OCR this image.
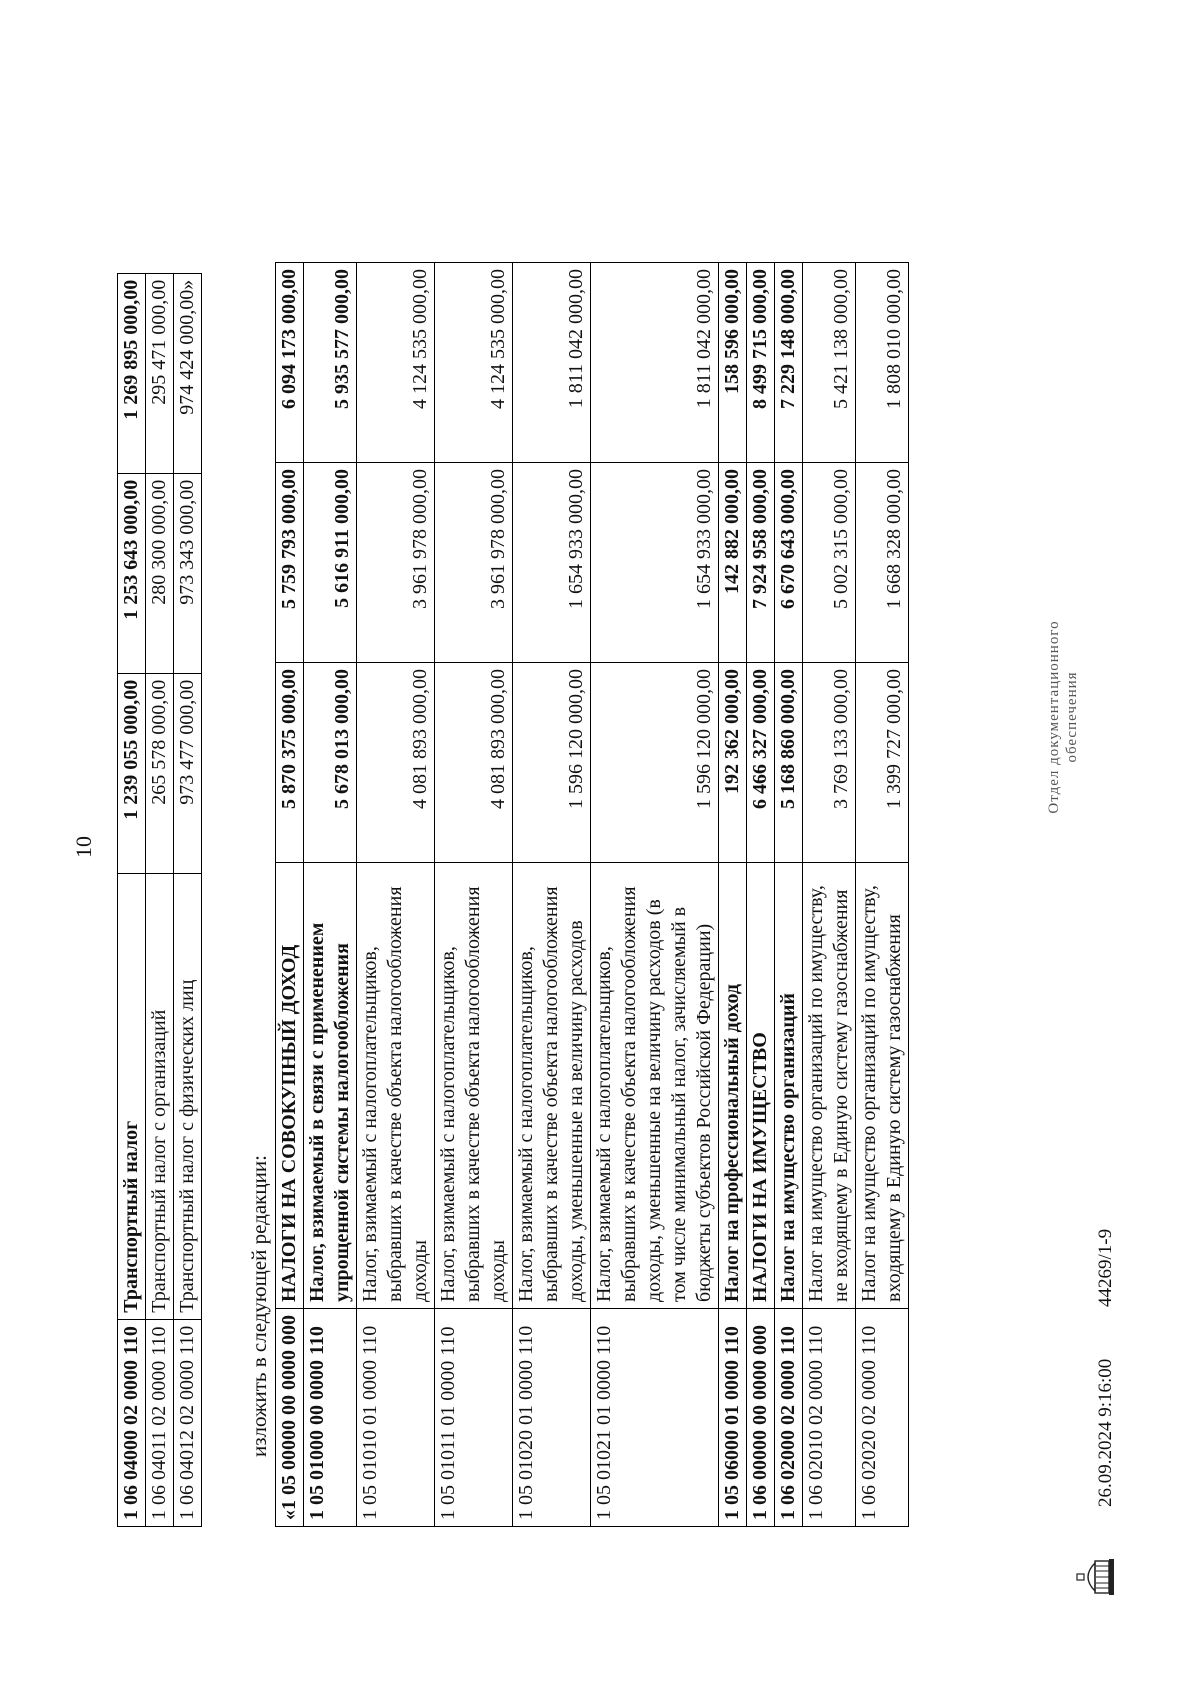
10
1 06 04000 02 0000 110	Транспортный налог	1 239 055 000,00	1 253 643 000,00	1 269 895 000,00
1 06 04011 02 0000 110	Транспортный налог с организаций	265 578 000,00	280 300 000,00	295 471 000,00
1 06 04012 02 0000 110	Транспортный налог с физических лиц	973 477 000,00	973 343 000,00	974 424 000,00»
изложить в следующей редакции: «1 05 00000 00 0000 000	НАЛОГИ НА СОВОКУПНЫЙ ДОХОД	5 870 375 000,00	5 759 793 000,00	6 094 173 000,00
1 05 01000 00 0000 110	Налог, взимаемый в связи с применением упрощенной системы налогообложения	5 678 013 000,00	5 616 911 000,00	5 935 577 000,00
1 05 01010 01 0000 110	Налог, взимаемый с налогоплательщиков, выбравших в качестве объекта налогообложения доходы	4 081 893 000,00	3 961 978 000,00	4 124 535 000,00
1 05 01011 01 0000 110	Налог, взимаемый с налогоплательщиков, выбравших в качестве объекта налогообложения доходы	4 081 893 000,00	3 961 978 000,00	4 124 535 000,00
1 05 01020 01 0000 110	Налог, взимаемый с налогоплательщиков, выбравших в качестве объекта налогообложения доходы, уменьшенные на величину расходов	1 596 120 000,00	1 654 933 000,00	1 811 042 000,00
1 05 01021 01 0000 110	Налог, взимаемый с налогоплательщиков, выбравших в качестве объекта налогообложения доходы, уменьшенные на величину расходов (в том числе минимальный налог, зачисляемый в бюджеты субъектов Российской Федерации)	1 596 120 000,00	1 654 933 000,00	1 811 042 000,00
1 05 06000 01 0000 110	Налог на профессиональный доход	192 362 000,00	142 882 000,00	158 596 000,00
1 06 00000 00 0000 000	НАЛОГИ НА ИМУЩЕСТВО	6 466 327 000,00	7 924 958 000,00	8 499 715 000,00
1 06 02000 02 0000 110	Налог на имущество организаций	5 168 860 000,00	6 670 643 000,00	7 229 148 000,00
1 06 02010 02 0000 110	Налог на имущество организаций по имуществу, не входящему в Единую систему газоснабжения	3 769 133 000,00	5 002 315 000,00	5 421 138 000,00
1 06 02020 02 0000 110	Налог на имущество организаций по имуществу, входящему в Единую систему газоснабжения	1 399 727 000,00	1 668 328 000,00	1 808 010 000,00
26.09.2024 9:16:00
44269/1-9
Отдел документационного обеспечения
